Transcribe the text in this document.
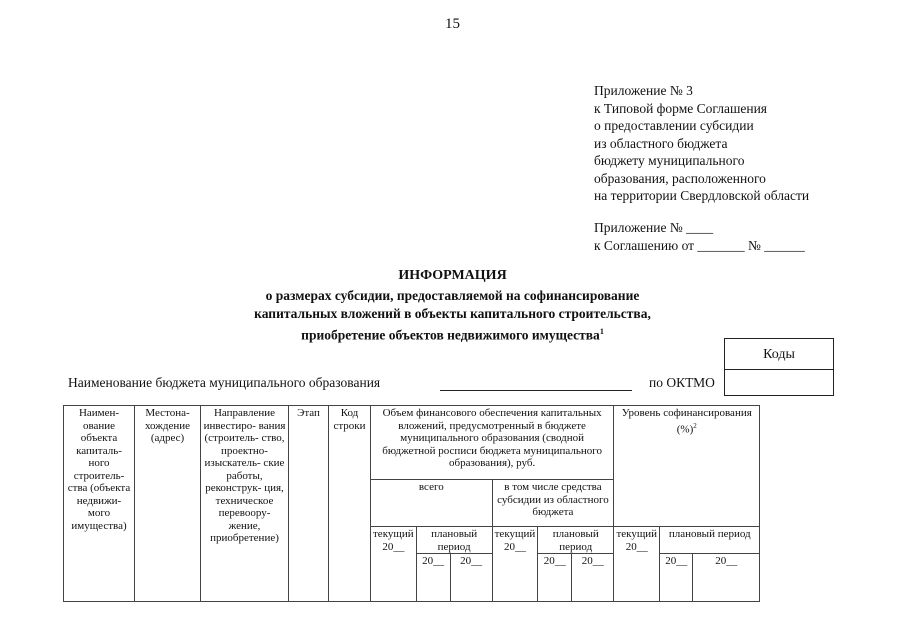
15
Приложение № 3
к Типовой форме Соглашения
о предоставлении субсидии
из областного бюджета
бюджету муниципального
образования, расположенного
на территории Свердловской области
Приложение № ____
к Соглашению от _______ № ______
ИНФОРМАЦИЯ
о размерах субсидии, предоставляемой на софинансирование
капитальных вложений в объекты капитального строительства,
приобретение объектов недвижимого имущества$^1$
Коды
Наименование бюджета муниципального образования	по ОКТМО
Наимен- ование объекта капиталь- ного строитель- ства (объекта недвижи- мого имущества)	Местона- хождение (адрес)	Направление инвестиро- вания (строитель- ство, проектно- изыскатель- ские работы, реконструк- ция, техническое перевоору- жение, приобретение)	Этап	Код строки	Объем финансового обеспечения капитальных вложений, предусмотренный в бюджете муниципального образования (сводной бюджетной росписи бюджета муниципального образования), руб.						Уровень софинансирования (%)$^2$
					всего			в том числе средства субсидии из областного бюджета					
					текущий 20__	плановый период		текущий 20__	плановый период		текущий 20__	плановый период	
						20__	20__		20__	20__		20__	20__
